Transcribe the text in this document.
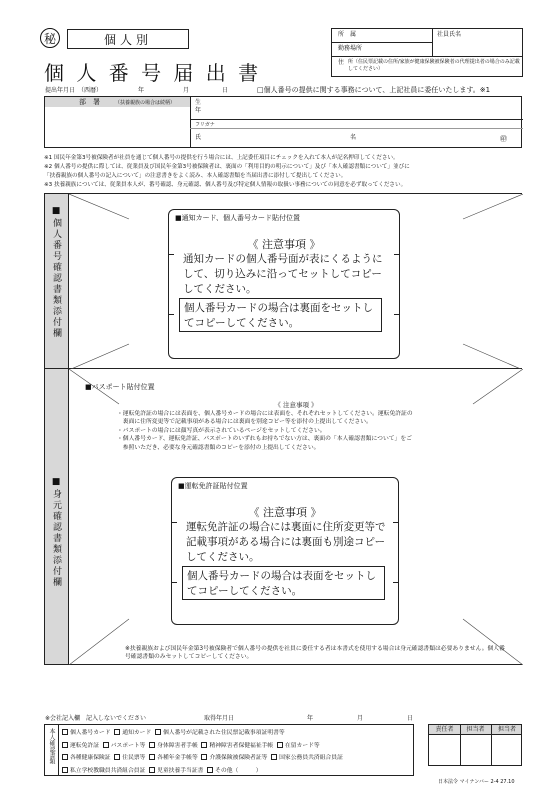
秘	個人別
個 人 番 号 届 出 書
所　属	社員氏名
勤務場所
住 所（住民票記載の住所/家族が健康保険被保険者の代理提出者の場合のみ記載してください）
提出年月日 （西暦）	年	月	日	□個人番号の提供に関する事務について、上記社員に委任いたします。※1
部　署	（扶養親族の場合は続柄）	生
年
フリガナ
氏	名	㊞
※1 国民年金第3号被保険者が社員を通じて個人番号の提供を行う場合には、上記委任項目にチェックを入れて本人が記名押印してください。
※2 個人番号の提供に際しては、従業員及び国民年金第3号被保険者は、裏面の「利用目的の明示について」及び「本人確認書類について」並びに
「扶養親族の個人番号の記入について」の注意書きをよく読み、本人確認書類を当届出書に添付して提出してください。
※3 扶養親族については、従業員本人が、番号確認、身元確認、個人番号及び特定個人情報の取扱い事務についての同意を必ず取ってください。
■個人番号確認書類添付欄	■通知カード、個人番号カード貼付位置
《 注意事項 》
通知カードの個人番号面が表にくるようにして、切り込みに沿ってセットしてコピーしてください。
個人番号カードの場合は裏面をセットしてコピーしてください。
■身元確認書類添付欄
■パスポート貼付位置
《 注意事項 》
・運転免許証の場合には表面を、個人番号カードの場合には表面を、それぞれセットしてください。運転免許証の
　裏面に住所変更等で記載事項がある場合には裏面を別途コピー等を添付の上提出してください。
・パスポートの場合には顔写真が表示されているページをセットしてください。
・個人番号カード、運転免許証、パスポートのいずれもお持ちでない方は、裏面の「本人確認書類について」をご
　参照いただき、必要な身元確認書類のコピーを添付の上提出してください。
■運転免許証貼付位置
《 注意事項 》
運転免許証の場合には裏面に住所変更等で記載事項がある場合には裏面も別途コピーしてください。
個人番号カードの場合は表面をセットしてコピーしてください。
※扶養親族および国民年金第3号被保険者で個人番号の提供を社員に委任する者は本書式を使用する場合は身元確認書類は必要ありません。個人番号確認書類のみセットしてコピーしてください。
※会社記入欄　記入しないでください	取得年月日	年	月	日
本人確認書類	個人番号カード 通知カード 個人番号が記載された住民票記載事項証明書等
運転免許証 パスポート等 身体障害者手帳 精神障害者保健福祉手帳 在留カード等
各種健康保険証 住民票等 各種年金手帳等 介護保険被保険者証等 国家公務員共済組合員証
私立学校教職員共済組合員証 児童扶養手当証書 その他（　　　）
責任者	担当者	担当者
日本法令 マイナンバー 2-4 27.10
